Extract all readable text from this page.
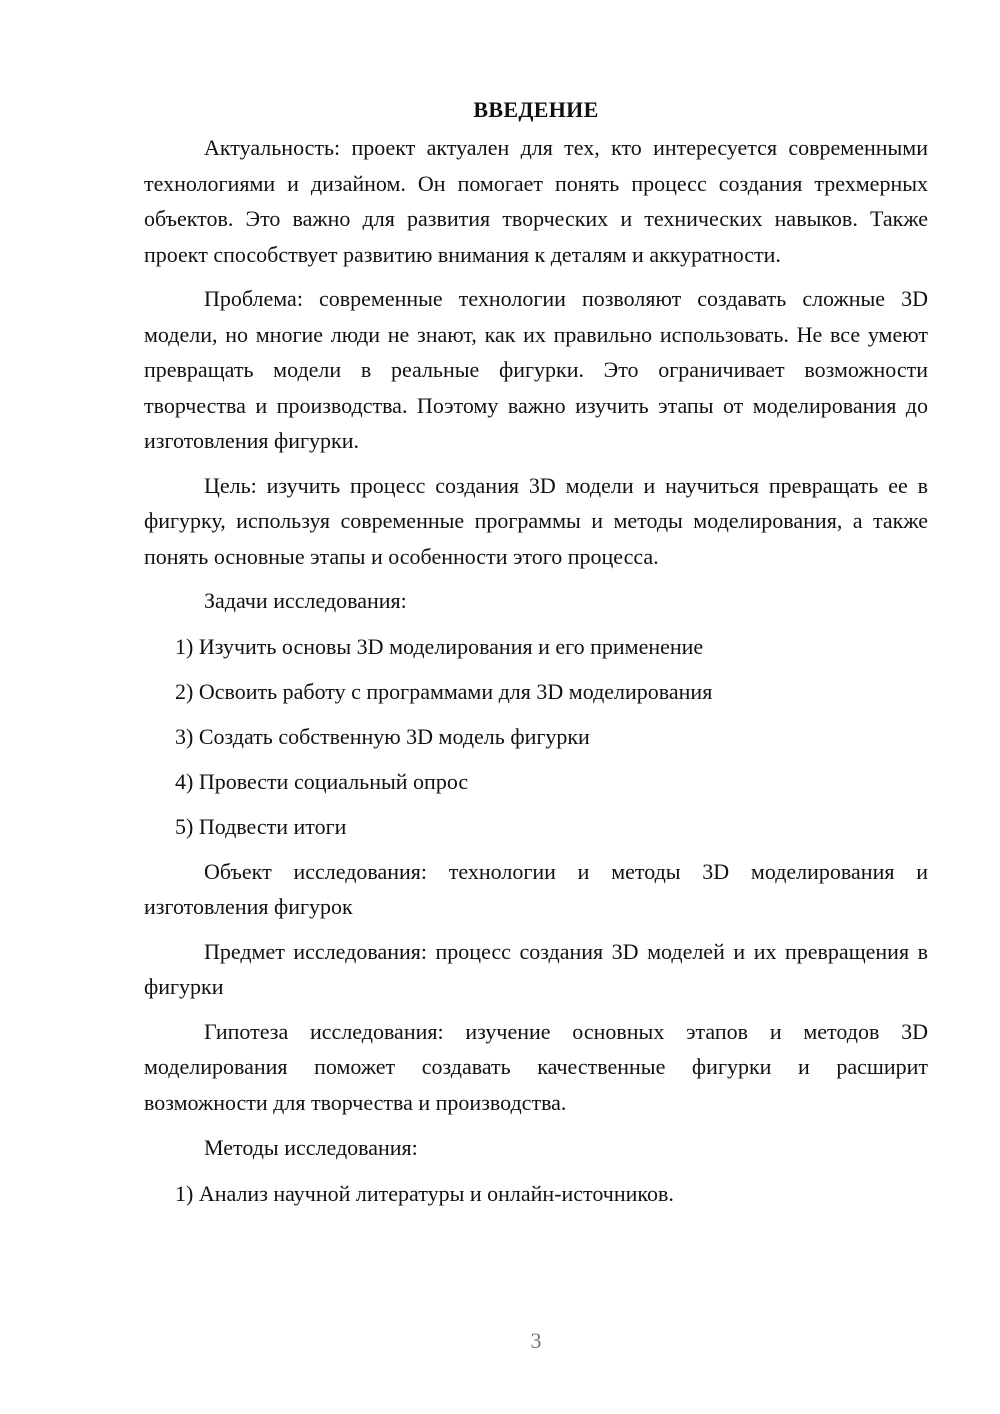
ВВЕДЕНИЕ

Актуальность: проект актуален для тех, кто интересуется современными технологиями и дизайном. Он помогает понять процесс создания трехмерных объектов. Это важно для развития творческих и технических навыков. Также проект способствует развитию внимания к деталям и аккуратности.

Проблема: современные технологии позволяют создавать сложные 3D модели, но многие люди не знают, как их правильно использовать. Не все умеют превращать модели в реальные фигурки. Это ограничивает возможности творчества и производства. Поэтому важно изучить этапы от моделирования до изготовления фигурки.

Цель: изучить процесс создания 3D модели и научиться превращать ее в фигурку, используя современные программы и методы моделирования, а также понять основные этапы и особенности этого процесса.

Задачи исследования:

1) Изучить основы 3D моделирования и его применение

2) Освоить работу с программами для 3D моделирования

3) Создать собственную 3D модель фигурки

4) Провести социальный опрос

5) Подвести итоги

Объект исследования: технологии и методы 3D моделирования и изготовления фигурок

Предмет исследования: процесс создания 3D моделей и их превращения в фигурки

Гипотеза исследования: изучение основных этапов и методов 3D моделирования поможет создавать качественные фигурки и расширит возможности для творчества и производства.

Методы исследования:

1) Анализ научной литературы и онлайн-источников.

3
